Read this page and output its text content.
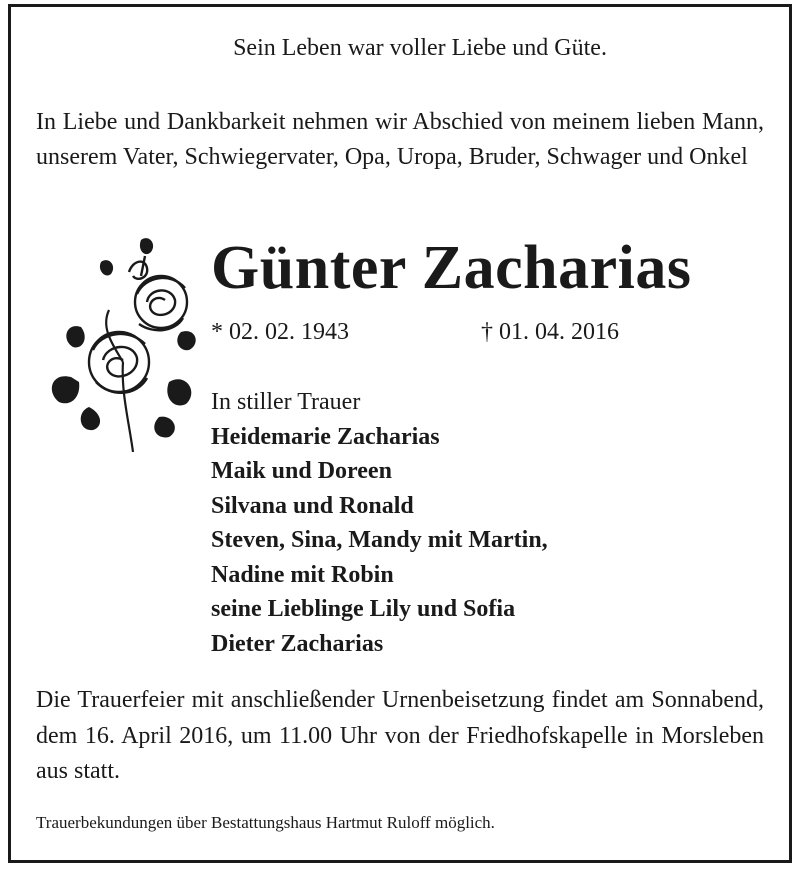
Sein Leben war voller Liebe und Güte.
In Liebe und Dankbarkeit nehmen wir Abschied von meinem lieben Mann, unserem Vater, Schwiegervater, Opa, Uropa, Bruder, Schwager und Onkel
Günter Zacharias
* 02. 02. 1943	† 01. 04. 2016
In stiller Trauer
Heidemarie Zacharias
Maik und Doreen
Silvana und Ronald
Steven, Sina, Mandy mit Martin,
Nadine mit Robin
seine Lieblinge Lily und Sofia
Dieter Zacharias
Die Trauerfeier mit anschließender Urnenbeisetzung findet am Sonnabend, dem 16. April 2016, um 11.00 Uhr von der Friedhofskapelle in Morsleben aus statt.
Trauerbekundungen über Bestattungshaus Hartmut Ruloff möglich.
